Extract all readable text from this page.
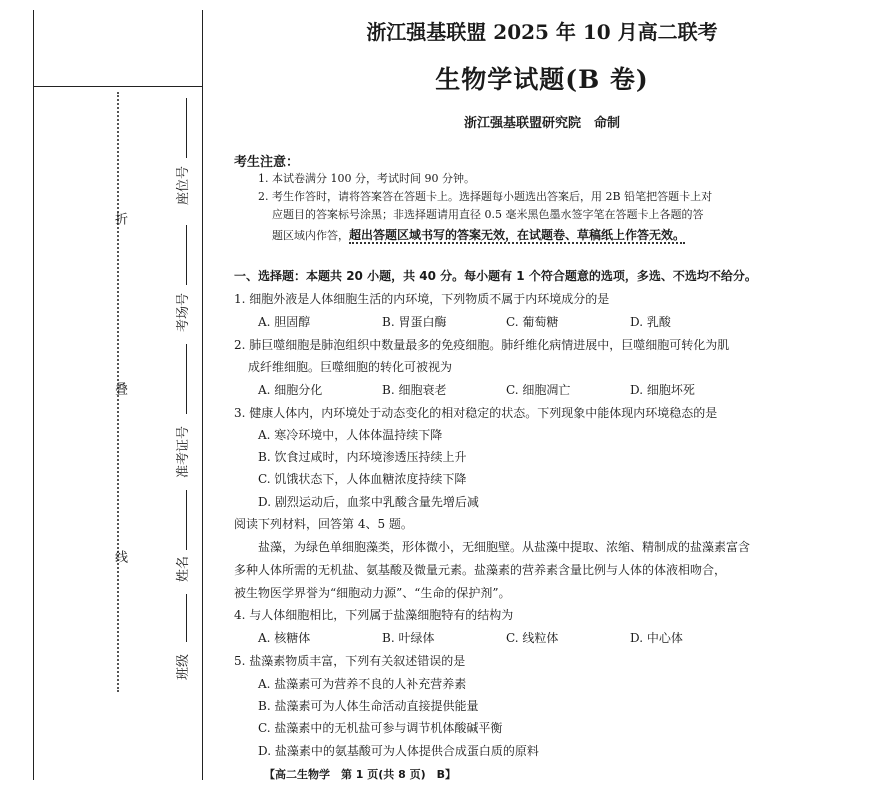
折
叠
线
座位号
考场号
准考证号
姓名
班级
浙江强基联盟 2025 年 10 月高二联考
生物学试题(B 卷)
浙江强基联盟研究院　命制
考生注意：
1. 本试卷满分 100 分，考试时间 90 分钟。
2. 考生作答时，请将答案答在答题卡上。选择题每小题选出答案后，用 2B 铅笔把答题卡上对
应题目的答案标号涂黑；非选择题请用直径 0.5 毫米黑色墨水签字笔在答题卡上各题的答
题区域内作答，超出答题区域书写的答案无效，在试题卷、草稿纸上作答无效。
一、选择题：本题共 20 小题，共 40 分。每小题有 1 个符合题意的选项，多选、不选均不给分。
1. 细胞外液是人体细胞生活的内环境，下列物质不属于内环境成分的是
A. 胆固醇	B. 胃蛋白酶	C. 葡萄糖	D. 乳酸
2. 肺巨噬细胞是肺泡组织中数量最多的免疫细胞。肺纤维化病情进展中，巨噬细胞可转化为肌
成纤维细胞。巨噬细胞的转化可被视为
A. 细胞分化	B. 细胞衰老	C. 细胞凋亡	D. 细胞坏死
3. 健康人体内，内环境处于动态变化的相对稳定的状态。下列现象中能体现内环境稳态的是
A. 寒冷环境中，人体体温持续下降
B. 饮食过咸时，内环境渗透压持续上升
C. 饥饿状态下，人体血糖浓度持续下降
D. 剧烈运动后，血浆中乳酸含量先增后减
阅读下列材料，回答第 4、5 题。
盐藻，为绿色单细胞藻类，形体微小，无细胞壁。从盐藻中提取、浓缩、精制成的盐藻素富含
多种人体所需的无机盐、氨基酸及微量元素。盐藻素的营养素含量比例与人体的体液相吻合，
被生物医学界誉为“细胞动力源”、“生命的保护剂”。
4. 与人体细胞相比，下列属于盐藻细胞特有的结构为
A. 核糖体	B. 叶绿体	C. 线粒体	D. 中心体
5. 盐藻素物质丰富，下列有关叙述错误的是
A. 盐藻素可为营养不良的人补充营养素
B. 盐藻素可为人体生命活动直接提供能量
C. 盐藻素中的无机盐可参与调节机体酸碱平衡
D. 盐藻素中的氨基酸可为人体提供合成蛋白质的原料
【高二生物学　第 1 页(共 8 页)　B】
